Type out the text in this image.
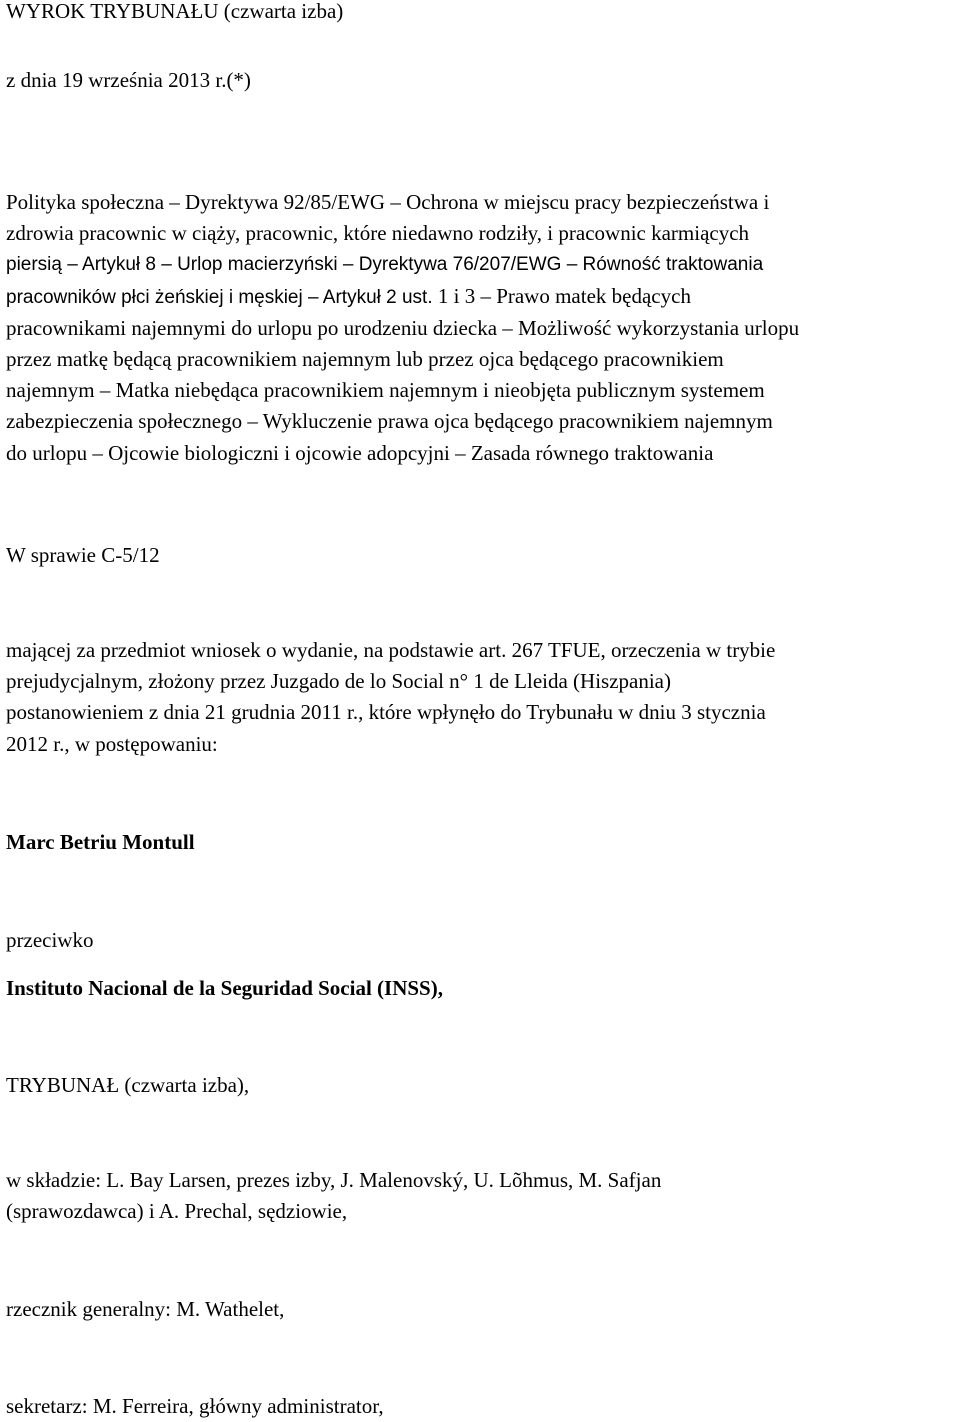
WYROK TRYBUNAŁU (czwarta izba)
z dnia 19 września 2013 r.(*)
Polityka społeczna – Dyrektywa 92/85/EWG – Ochrona w miejscu pracy bezpieczeństwa i
zdrowia pracownic w ciąży, pracownic, które niedawno rodziły, i pracownic karmiących
piersią – Artykuł 8 – Urlop macierzyński – Dyrektywa 76/207/EWG – Równość traktowania
pracowników płci żeńskiej i męskiej – Artykuł 2 ust. 1 i 3 – Prawo matek będących
pracownikami najemnymi do urlopu po urodzeniu dziecka – Możliwość wykorzystania urlopu
przez matkę będącą pracownikiem najemnym lub przez ojca będącego pracownikiem
najemnym – Matka niebędąca pracownikiem najemnym i nieobjęta publicznym systemem
zabezpieczenia społecznego – Wykluczenie prawa ojca będącego pracownikiem najemnym
do urlopu – Ojcowie biologiczni i ojcowie adopcyjni – Zasada równego traktowania
W sprawie C‑5/12
mającej za przedmiot wniosek o wydanie, na podstawie art. 267 TFUE, orzeczenia w trybie
prejudycjalnym, złożony przez Juzgado de lo Social n° 1 de Lleida (Hiszpania)
postanowieniem z dnia 21 grudnia 2011 r., które wpłynęło do Trybunału w dniu 3 stycznia
2012 r., w postępowaniu:
Marc Betriu Montull
przeciwko
Instituto Nacional de la Seguridad Social (INSS),
TRYBUNAŁ (czwarta izba),
w składzie: L. Bay Larsen, prezes izby, J. Malenovský, U. Lõhmus, M. Safjan
(sprawozdawca) i A. Prechal, sędziowie,
rzecznik generalny: M. Wathelet,
sekretarz: M. Ferreira, główny administrator,
